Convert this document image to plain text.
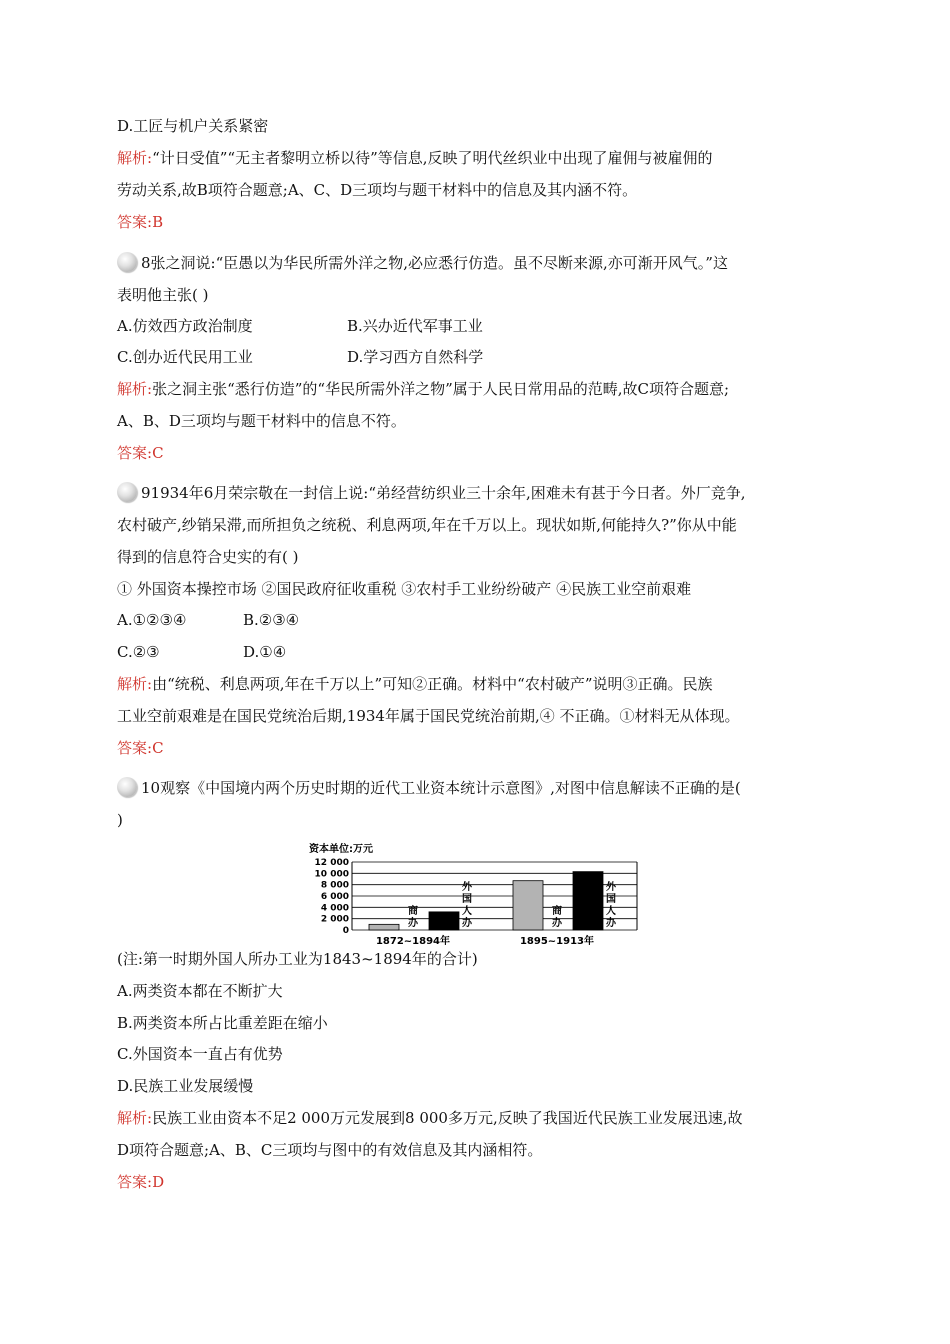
D.工匠与机户关系紧密
解析:“计日受值”“无主者黎明立桥以待”等信息,反映了明代丝织业中出现了雇佣与被雇佣的
劳动关系,故B项符合题意;A、C、D三项均与题干材料中的信息及其内涵不符。
答案:B
8张之洞说:“臣愚以为华民所需外洋之物,必应悉行仿造。虽不尽断来源,亦可渐开风气。”这
表明他主张( )
A.仿效西方政治制度	B.兴办近代军事工业
C.创办近代民用工业	D.学习西方自然科学
解析:张之洞主张“悉行仿造”的“华民所需外洋之物”属于人民日常用品的范畴,故C项符合题意;
A、B、D三项均与题干材料中的信息不符。
答案:C
91934年6月荣宗敬在一封信上说:“弟经营纺织业三十余年,困难未有甚于今日者。外厂竞争,
农村破产,纱销呆滞,而所担负之统税、利息两项,年在千万以上。现状如斯,何能持久?”你从中能
得到的信息符合史实的有( )
① 外国资本操控市场 ②国民政府征收重税 ③农村手工业纷纷破产 ④民族工业空前艰难
A.①②③④	B.②③④
C.②③	D.①④
解析:由“统税、利息两项,年在千万以上”可知②正确。材料中“农村破产”说明③正确。民族
工业空前艰难是在国民党统治后期,1934年属于国民党统治前期,④ 不正确。①材料无从体现。
答案:C
10观察《中国境内两个历史时期的近代工业资本统计示意图》,对图中信息解读不正确的是(
)
资本单位:万元
0
2 000
4 000
6 000
8 000
10 000
12 000
商
办
外
国
人
办
1872~1894年
商
办
外
国
人
办
1895~1913年
(注:第一时期外国人所办工业为1843~1894年的合计)
A.两类资本都在不断扩大
B.两类资本所占比重差距在缩小
C.外国资本一直占有优势
D.民族工业发展缓慢
解析:民族工业由资本不足2 000万元发展到8 000多万元,反映了我国近代民族工业发展迅速,故
D项符合题意;A、B、C三项均与图中的有效信息及其内涵相符。
答案:D
